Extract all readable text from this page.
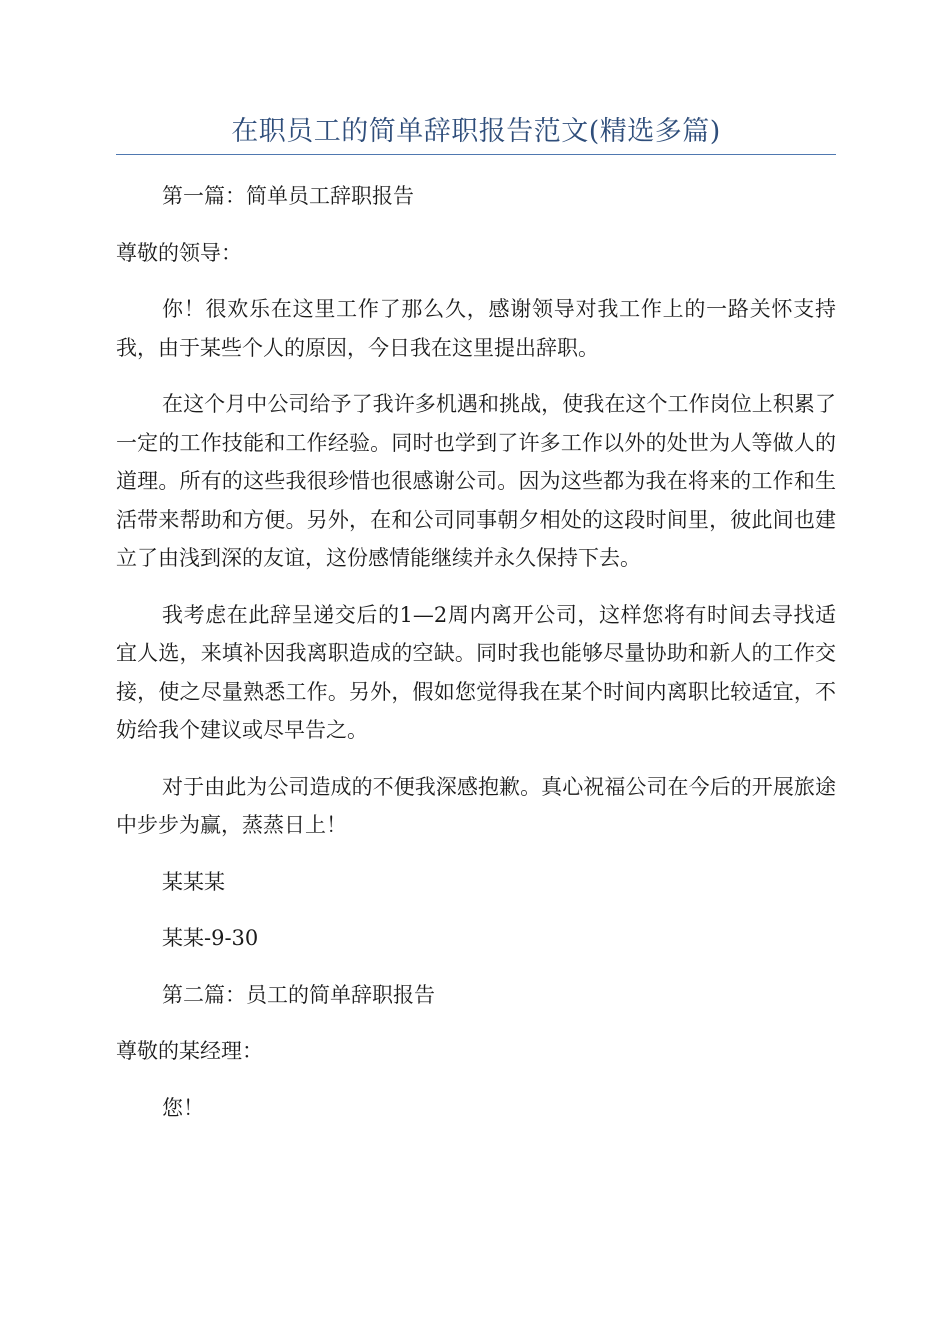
在职员工的简单辞职报告范文(精选多篇)

第一篇：简单员工辞职报告

尊敬的领导：

你！很欢乐在这里工作了那么久，感谢领导对我工作上的一路关怀支持我，由于某些个人的原因，今日我在这里提出辞职。

在这个月中公司给予了我许多机遇和挑战，使我在这个工作岗位上积累了一定的工作技能和工作经验。同时也学到了许多工作以外的处世为人等做人的道理。所有的这些我很珍惜也很感谢公司。因为这些都为我在将来的工作和生活带来帮助和方便。另外，在和公司同事朝夕相处的这段时间里，彼此间也建立了由浅到深的友谊，这份感情能继续并永久保持下去。

我考虑在此辞呈递交后的1—2周内离开公司，这样您将有时间去寻找适宜人选，来填补因我离职造成的空缺。同时我也能够尽量协助和新人的工作交接，使之尽量熟悉工作。另外，假如您觉得我在某个时间内离职比较适宜，不妨给我个建议或尽早告之。

对于由此为公司造成的不便我深感抱歉。真心祝福公司在今后的开展旅途中步步为赢，蒸蒸日上！

某某某

某某-9-30

第二篇：员工的简单辞职报告

尊敬的某经理：

您！
